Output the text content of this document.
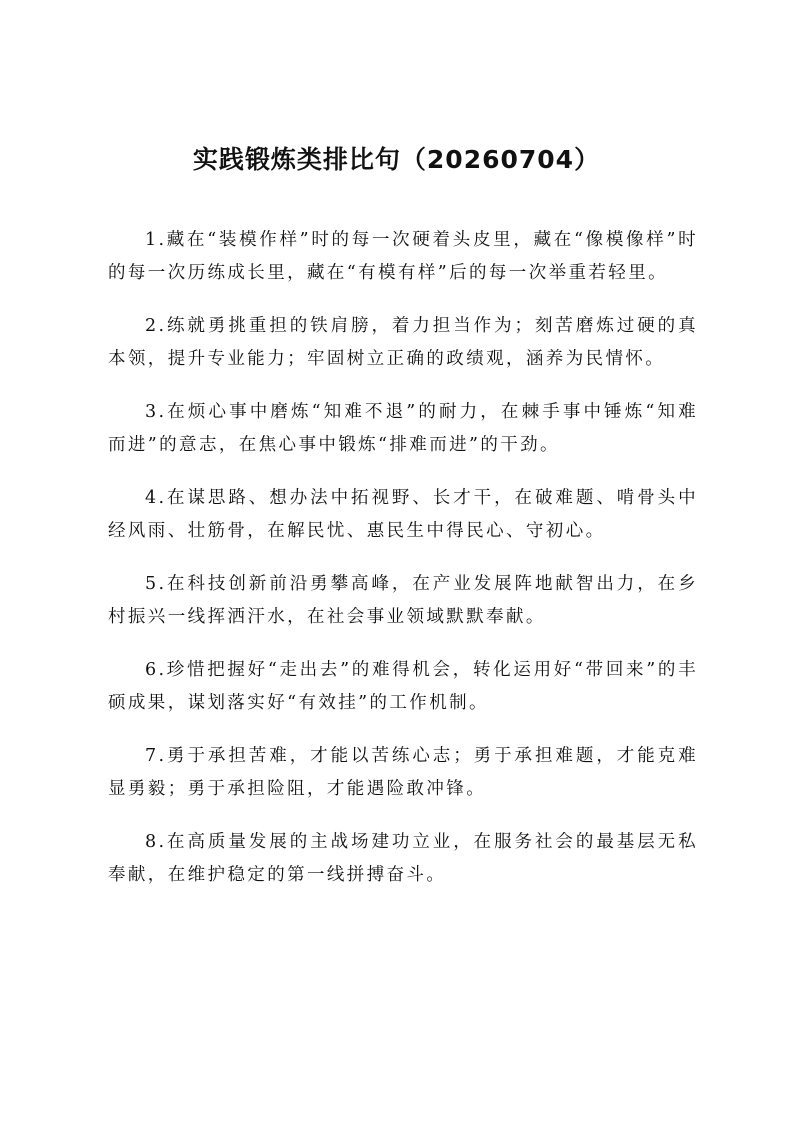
实践锻炼类排比句（20260704）

1.藏在“装模作样”时的每一次硬着头皮里，藏在“像模像样”时的每一次历练成长里，藏在“有模有样”后的每一次举重若轻里。

2.练就勇挑重担的铁肩膀，着力担当作为；刻苦磨炼过硬的真本领，提升专业能力；牢固树立正确的政绩观，涵养为民情怀。

3.在烦心事中磨炼“知难不退”的耐力，在棘手事中锤炼“知难而进”的意志，在焦心事中锻炼“排难而进”的干劲。

4.在谋思路、想办法中拓视野、长才干，在破难题、啃骨头中经风雨、壮筋骨，在解民忧、惠民生中得民心、守初心。

5.在科技创新前沿勇攀高峰，在产业发展阵地献智出力，在乡村振兴一线挥洒汗水，在社会事业领域默默奉献。

6.珍惜把握好“走出去”的难得机会，转化运用好“带回来”的丰硕成果，谋划落实好“有效挂”的工作机制。

7.勇于承担苦难，才能以苦练心志；勇于承担难题，才能克难显勇毅；勇于承担险阻，才能遇险敢冲锋。

8.在高质量发展的主战场建功立业，在服务社会的最基层无私奉献，在维护稳定的第一线拼搏奋斗。
